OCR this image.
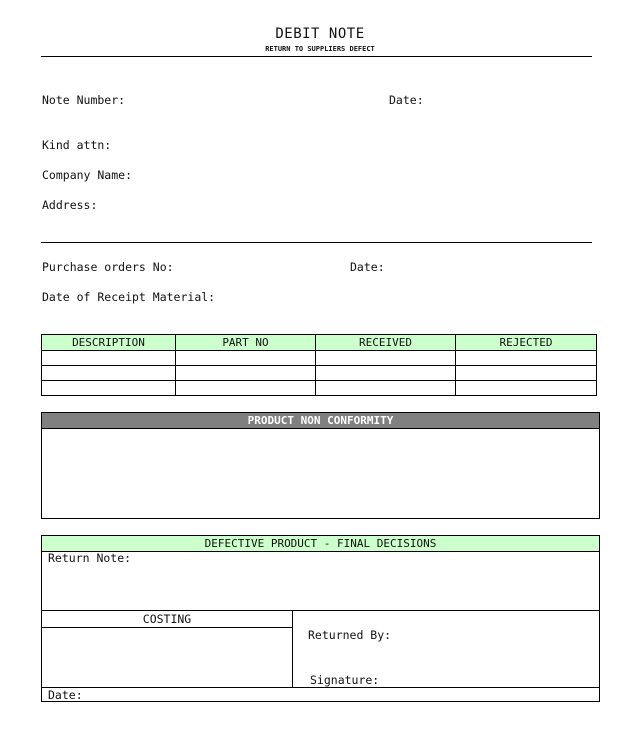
DEBIT NOTE
RETURN TO SUPPLIERS DEFECT
Note Number:	Date:
Kind attn:
Company Name:
Address:
Purchase orders No:	Date:
Date of Receipt Material:
DESCRIPTION	PART NO	RECEIVED	REJECTED

PRODUCT NON CONFORMITY
DEFECTIVE PRODUCT - FINAL DECISIONS
Return Note:
COSTING
Returned By:
Signature:
Date:
